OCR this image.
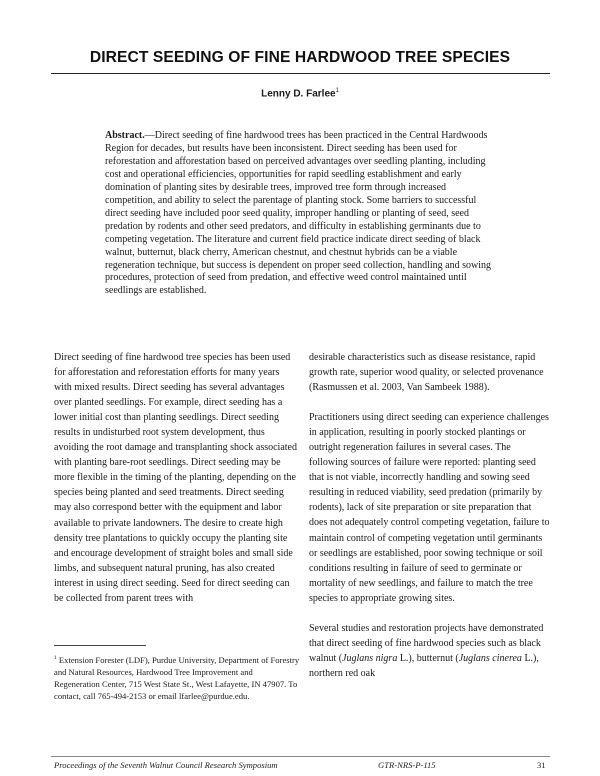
DIRECT SEEDING OF FINE HARDWOOD TREE SPECIES
Lenny D. Farlee$^1$
Abstract.—Direct seeding of fine hardwood trees has been practiced in the Central Hardwoods Region for decades, but results have been inconsistent. Direct seeding has been used for reforestation and afforestation based on perceived advantages over seedling planting, including cost and operational efficiencies, opportunities for rapid seedling establishment and early domination of planting sites by desirable trees, improved tree form through increased competition, and ability to select the parentage of planting stock. Some barriers to successful direct seeding have included poor seed quality, improper handling or planting of seed, seed predation by rodents and other seed predators, and difficulty in establishing germinants due to competing vegetation. The literature and current field practice indicate direct seeding of black walnut, butternut, black cherry, American chestnut, and chestnut hybrids can be a viable regeneration technique, but success is dependent on proper seed collection, handling and sowing procedures, protection of seed from predation, and effective weed control maintained until seedlings are established.

Direct seeding of fine hardwood tree species has been used for afforestation and reforestation efforts for many years with mixed results. Direct seeding has several advantages over planted seedlings. For example, direct seeding has a lower initial cost than planting seedlings. Direct seeding results in undisturbed root system development, thus avoiding the root damage and transplanting shock associated with planting bare-root seedlings. Direct seeding may be more flexible in the timing of the planting, depending on the species being planted and seed treatments. Direct seeding may also correspond better with the equipment and labor available to private landowners. The desire to create high density tree plantations to quickly occupy the planting site and encourage development of straight boles and small side limbs, and subsequent natural pruning, has also created interest in using direct seeding. Seed for direct seeding can be collected from parent trees with

desirable characteristics such as disease resistance, rapid growth rate, superior wood quality, or selected provenance (Rasmussen et al. 2003, Van Sambeek 1988).

Practitioners using direct seeding can experience challenges in application, resulting in poorly stocked plantings or outright regeneration failures in several cases. The following sources of failure were reported: planting seed that is not viable, incorrectly handling and sowing seed resulting in reduced viability, seed predation (primarily by rodents), lack of site preparation or site preparation that does not adequately control competing vegetation, failure to maintain control of competing vegetation until germinants or seedlings are established, poor sowing technique or soil conditions resulting in failure of seed to germinate or mortality of new seedlings, and failure to match the tree species to appropriate growing sites.

Several studies and restoration projects have demonstrated that direct seeding of fine hardwood species such as black walnut (Juglans nigra L.), butternut (Juglans cinerea L.), northern red oak

$^1$ Extension Forester (LDF), Purdue University, Department of Forestry and Natural Resources, Hardwood Tree Improvement and Regeneration Center, 715 West State St., West Lafayette, IN 47907. To contact, call 765-494-2153 or email lfarlee@purdue.edu.
Proceedings of the Seventh Walnut Council Research Symposium	GTR-NRS-P-115	31
